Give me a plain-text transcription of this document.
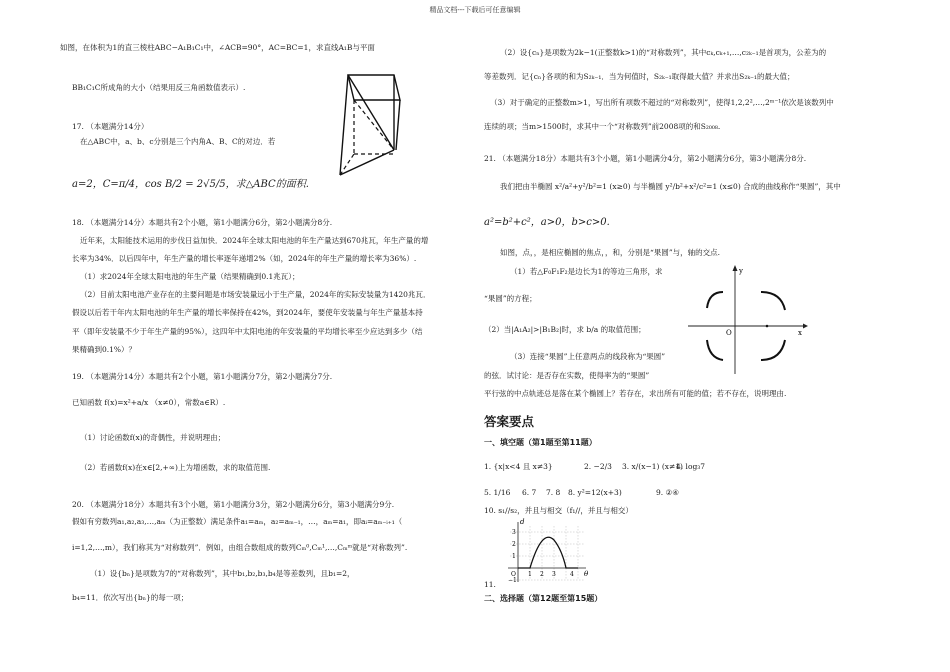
精品文档---下载后可任意编辑
如图，在体积为1的直三棱柱ABC−A₁B₁C₁中，∠ACB=90°，AC=BC=1，求直线A₁B与平面
BB₁C₁C所成角的大小（结果用反三角函数值表示）.
17. （本题满分14分）
在△ABC中，a、b、c分别是三个内角A、B、C的对边．若
a=2，C=π/4，cos B/2 = 2√5/5，求△ABC的面积.
18. （本题满分14分）本题共有2个小题，第1小题满分6分，第2小题满分8分.
近年来，太阳能技术运用的步伐日益加快．2024年全球太阳电池的年生产量达到670兆瓦，年生产量的增
长率为34%．以后四年中，年生产量的增长率逐年递增2%（如，2024年的年生产量的增长率为36%）.
（1）求2024年全球太阳电池的年生产量（结果精确到0.1兆瓦）；
（2）目前太阳电池产业存在的主要问题是市场安装量远小于生产量，2024年的实际安装量为1420兆瓦．
假设以后若干年内太阳电池的年生产量的增长率保持在42%，到2024年，要使年安装量与年生产量基本持
平（即年安装量不少于年生产量的95%），这四年中太阳电池的年安装量的平均增长率至少应达到多少（结
果精确到0.1%）？
19. （本题满分14分）本题共有2个小题，第1小题满分7分，第2小题满分7分.
已知函数 f(x)=x²+a/x （x≠0），常数a∈R）.
（1）讨论函数f(x)的奇偶性，并说明理由；
（2）若函数f(x)在x∈[2,+∞)上为增函数，求的取值范围.
20. （本题满分18分）本题共有3个小题，第1小题满分3分，第2小题满分6分，第3小题满分9分.
假如有穷数列a₁,a₂,a₃,…,aₘ（为正整数）满足条件a₁=aₘ，a₂=aₘ₋₁，…，aₘ=a₁，即aᵢ=aₘ₋ᵢ₊₁（
i=1,2,…,m），我们称其为“对称数列”．例如，由组合数组成的数列Cₘ⁰,Cₘ¹,…,Cₘᵐ就是“对称数列”.
（1）设{bₙ}是项数为7的“对称数列”，其中b₁,b₂,b₃,b₄是等差数列，且b₁=2，
b₄=11．依次写出{bₙ}的每一项；
（2）设{cₙ}是项数为2k−1(正整数k>1)的“对称数列”，其中cₖ,cₖ₊₁,…,c₂ₖ₋₁是首项为，公差为的
等差数列．记{cₙ}各项的和为S₂ₖ₋₁．当为何值时，S₂ₖ₋₁取得最大值？并求出S₂ₖ₋₁的最大值；
（3）对于确定的正整数m>1，写出所有项数不超过的“对称数列”，使得1,2,2²,…,2ᵐ⁻¹依次是该数列中
连续的项；当m>1500时，求其中一个“对称数列”前2008项的和S₂₀₀₈.
21. （本题满分18分）本题共有3个小题，第1小题满分4分，第2小题满分6分，第3小题满分8分.
我们把由半椭圆 x²/a²+y²/b²=1 (x≥0) 与半椭圆 y²/b²+x²/c²=1 (x≤0) 合成的曲线称作“果圆”，其中
a²=b²+c²，a>0，b>c>0.
如图，点，，是相应椭圆的焦点，，和，分别是“果圆”与，轴的交点.
（1）若△F₀F₁F₂是边长为1的等边三角形，求
“果圆”的方程；
（2）当|A₁A₂|>|B₁B₂|时，求 b/a 的取值范围；
（3）连接“果圆”上任意两点的线段称为“果圆”
的弦．试讨论：是否存在实数，使得率为的“果圆”
平行弦的中点轨迹总是落在某个椭圆上？若存在，求出所有可能的值；若不存在，说明理由.
x
y
O
答案要点
一、填空题（第1题至第11题）
1. {x|x<4 且 x≠3}	2. −2/3 3. x/(x−1) (x≠1)
4. log₃7
5. 1/16 6. 7 7. 8 8. y²=12(x+3)	9. ②④
10. s₁//s₂，并且与相交（f₁//，并且与相交）
d
θ
O 1 2 3 4
3
2
1
−1
11.
二、选择题（第12题至第15题）
